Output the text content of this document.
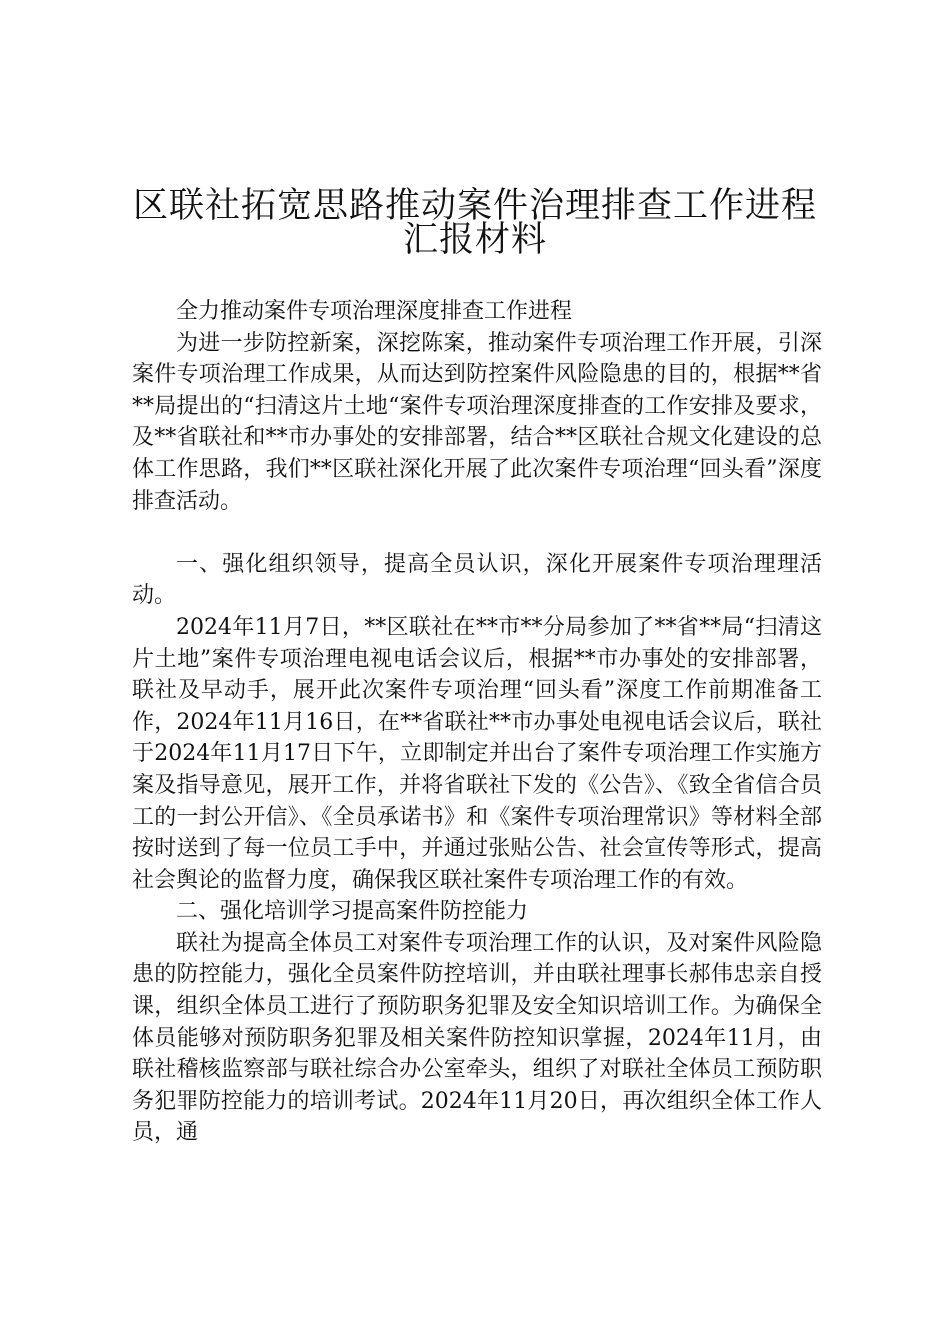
区联社拓宽思路推动案件治理排查工作进程
汇报材料

全力推动案件专项治理深度排查工作进程

为进一步防控新案，深挖陈案，推动案件专项治理工作开展，引深案件专项治理工作成果，从而达到防控案件风险隐患的目的，根据**省**局提出的“扫清这片土地“案件专项治理深度排查的工作安排及要求，及**省联社和**市办事处的安排部署，结合**区联社合规文化建设的总体工作思路，我们**区联社深化开展了此次案件专项治理“回头看”深度排查活动。

一、强化组织领导，提高全员认识，深化开展案件专项治理理活动。

2024年11月7日，**区联社在**市**分局参加了**省**局“扫清这片土地”案件专项治理电视电话会议后，根据**市办事处的安排部署，联社及早动手，展开此次案件专项治理“回头看”深度工作前期准备工作，2024年11月16日，在**省联社**市办事处电视电话会议后，联社于2024年11月17日下午，立即制定并出台了案件专项治理工作实施方案及指导意见，展开工作，并将省联社下发的《公告》、《致全省信合员工的一封公开信》、《全员承诺书》和《案件专项治理常识》等材料全部按时送到了每一位员工手中，并通过张贴公告、社会宣传等形式，提高社会舆论的监督力度，确保我区联社案件专项治理工作的有效。

二、强化培训学习提高案件防控能力

联社为提高全体员工对案件专项治理工作的认识，及对案件风险隐患的防控能力，强化全员案件防控培训，并由联社理事长郝伟忠亲自授课，组织全体员工进行了预防职务犯罪及安全知识培训工作。为确保全体员能够对预防职务犯罪及相关案件防控知识掌握，2024年11月，由联社稽核监察部与联社综合办公室牵头，组织了对联社全体员工预防职务犯罪防控能力的培训考试。2024年11月20日，再次组织全体工作人员，通
